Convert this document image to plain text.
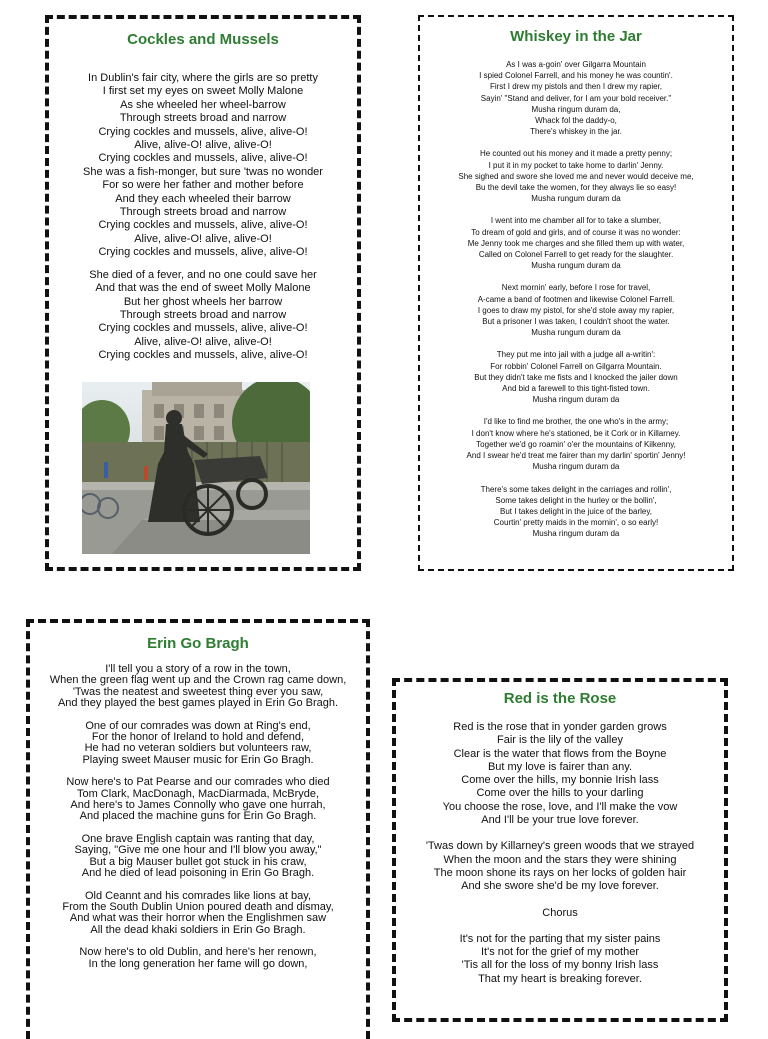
Cockles and Mussels

In Dublin's fair city, where the girls are so pretty
I first set my eyes on sweet Molly Malone
As she wheeled her wheel-barrow
Through streets broad and narrow
Crying cockles and mussels, alive, alive-O!
Alive, alive-O! alive, alive-O!
Crying cockles and mussels, alive, alive-O!
She was a fish-monger, but sure 'twas no wonder
For so were her father and mother before
And they each wheeled their barrow
Through streets broad and narrow
Crying cockles and mussels, alive, alive-O!
Alive, alive-O! alive, alive-O!
Crying cockles and mussels, alive, alive-O!

She died of a fever, and no one could save her
And that was the end of sweet Molly Malone
But her ghost wheels her barrow
Through streets broad and narrow
Crying cockles and mussels, alive, alive-O!
Alive, alive-O! alive, alive-O!
Crying cockles and mussels, alive, alive-O!

Whiskey in the Jar

As I was a-goin' over Gilgarra Mountain
I spied Colonel Farrell, and his money he was countin'.
First I drew my pistols and then I drew my rapier,
Sayin' "Stand and deliver, for I am your bold receiver."
Musha ringum duram da,
Whack fol the daddy-o,
There's whiskey in the jar.

He counted out his money and it made a pretty penny;
I put it in my pocket to take home to darlin' Jenny.
She sighed and swore she loved me and never would deceive me,
Bu the devil take the women, for they always lie so easy!
Musha rungum duram da

I went into me chamber all for to take a slumber,
To dream of gold and girls, and of course it was no wonder:
Me Jenny took me charges and she filled them up with water,
Called on Colonel Farrell to get ready for the slaughter.
Musha rungum duram da

Next mornin' early, before I rose for travel,
A-came a band of footmen and likewise Colonel Farrell.
I goes to draw my pistol, for she'd stole away my rapier,
But a prisoner I was taken, I couldn't shoot the water.
Musha rungum duram da

They put me into jail with a judge all a-writin':
For robbin' Colonel Farrell on Gilgarra Mountain.
But they didn't take me fists and I knocked the jailer down
And bid a farewell to this tight-fisted town.
Musha ringum duram da

I'd like to find me brother, the one who's in the army;
I don't know where he's stationed, be it Cork or in Killarney.
Together we'd go roamin' o'er the mountains of Kilkenny,
And I swear he'd treat me fairer than my darlin' sportin' Jenny!
Musha ringum duram da

There's some takes delight in the carriages and rollin',
Some takes delight in the hurley or the bollin',
But I takes delight in the juice of the barley,
Courtin' pretty maids in the mornin', o so early!
Musha ringum duram da

Erin Go Bragh

I'll tell you a story of a row in the town,
When the green flag went up and the Crown rag came down,
'Twas the neatest and sweetest thing ever you saw,
And they played the best games played in Erin Go Bragh.

One of our comrades was down at Ring's end,
For the honor of Ireland to hold and defend,
He had no veteran soldiers but volunteers raw,
Playing sweet Mauser music for Erin Go Bragh.

Now here's to Pat Pearse and our comrades who died
Tom Clark, MacDonagh, MacDiarmada, McBryde,
And here's to James Connolly who gave one hurrah,
And placed the machine guns for Erin Go Bragh.

One brave English captain was ranting that day,
Saying, "Give me one hour and I'll blow you away,"
But a big Mauser bullet got stuck in his craw,
And he died of lead poisoning in Erin Go Bragh.

Old Ceannt and his comrades like lions at bay,
From the South Dublin Union poured death and dismay,
And what was their horror when the Englishmen saw
All the dead khaki soldiers in Erin Go Bragh.

Now here's to old Dublin, and here's her renown,
In the long generation her fame will go down,

Red is the Rose

Red is the rose that in yonder garden grows
Fair is the lily of the valley
Clear is the water that flows from the Boyne
But my love is fairer than any.
Come over the hills, my bonnie Irish lass
Come over the hills to your darling
You choose the rose, love, and I'll make the vow
And I'll be your true love forever.

'Twas down by Killarney's green woods that we strayed
When the moon and the stars they were shining
The moon shone its rays on her locks of golden hair
And she swore she'd be my love forever.

Chorus

It's not for the parting that my sister pains
It's not for the grief of my mother
'Tis all for the loss of my bonny Irish lass
That my heart is breaking forever.
